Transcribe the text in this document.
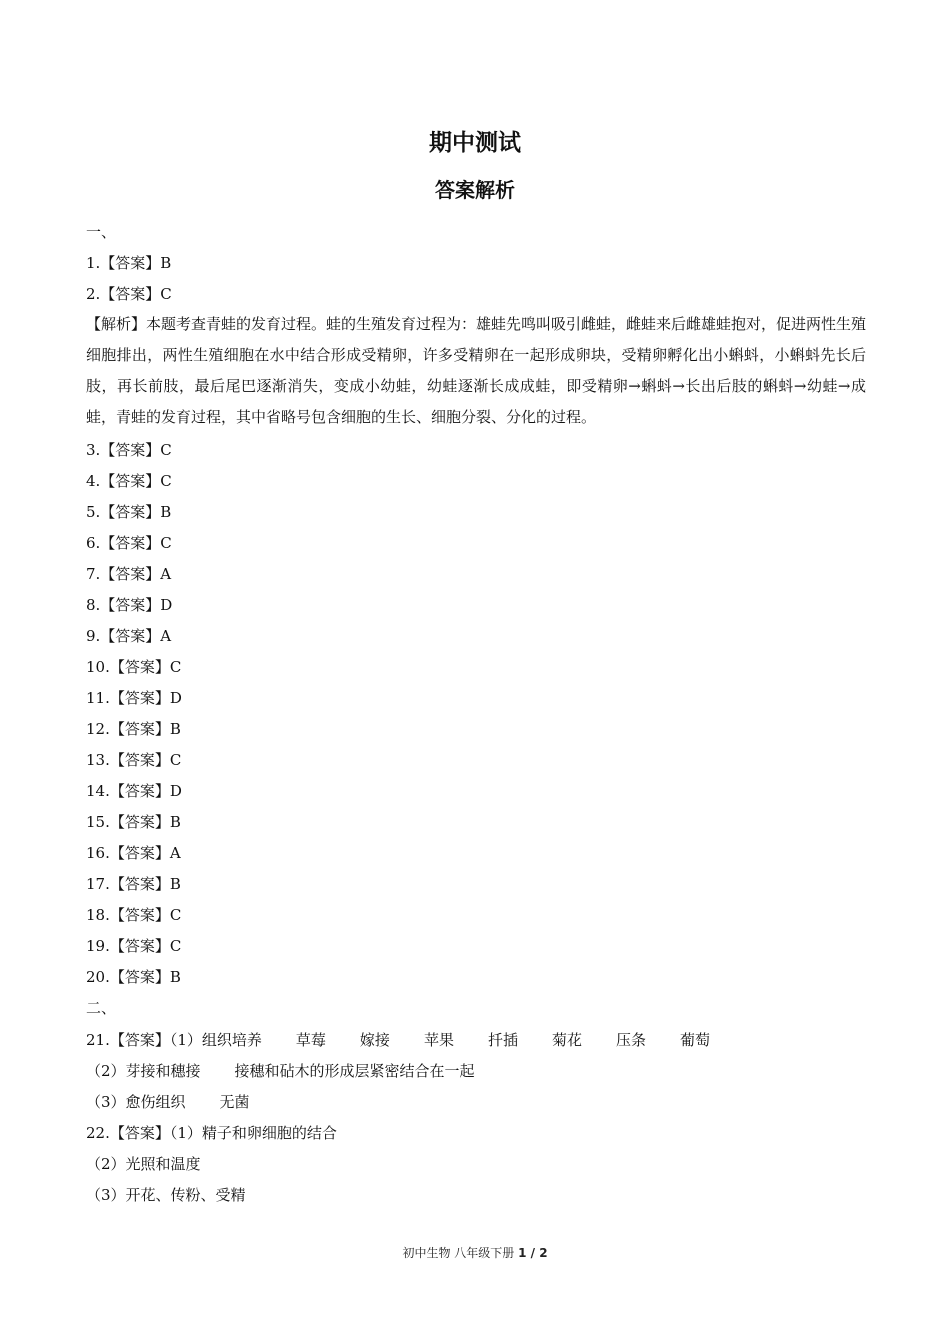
期中测试
答案解析
一、
1.【答案】B
2.【答案】C
【解析】本题考查青蛙的发育过程。蛙的生殖发育过程为：雄蛙先鸣叫吸引雌蛙，雌蛙来后雌雄蛙抱对，促进两性生殖细胞排出，两性生殖细胞在水中结合形成受精卵，许多受精卵在一起形成卵块，受精卵孵化出小蝌蚪，小蝌蚪先长后肢，再长前肢，最后尾巴逐渐消失，变成小幼蛙，幼蛙逐渐长成成蛙，即受精卵→蝌蚪→长出后肢的蝌蚪→幼蛙→成蛙，青蛙的发育过程，其中省略号包含细胞的生长、细胞分裂、分化的过程。
3.【答案】C
4.【答案】C
5.【答案】B
6.【答案】C
7.【答案】A
8.【答案】D
9.【答案】A
10.【答案】C
11.【答案】D
12.【答案】B
13.【答案】C
14.【答案】D
15.【答案】B
16.【答案】A
17.【答案】B
18.【答案】C
19.【答案】C
20.【答案】B
二、
21.【答案】（1）组织培养 草莓 嫁接 苹果 扦插 菊花 压条 葡萄
（2）芽接和穗接 接穗和砧木的形成层紧密结合在一起
（3）愈伤组织 无菌
22.【答案】（1）精子和卵细胞的结合
（2）光照和温度
（3）开花、传粉、受精
初中生物 八年级下册 1 / 2
